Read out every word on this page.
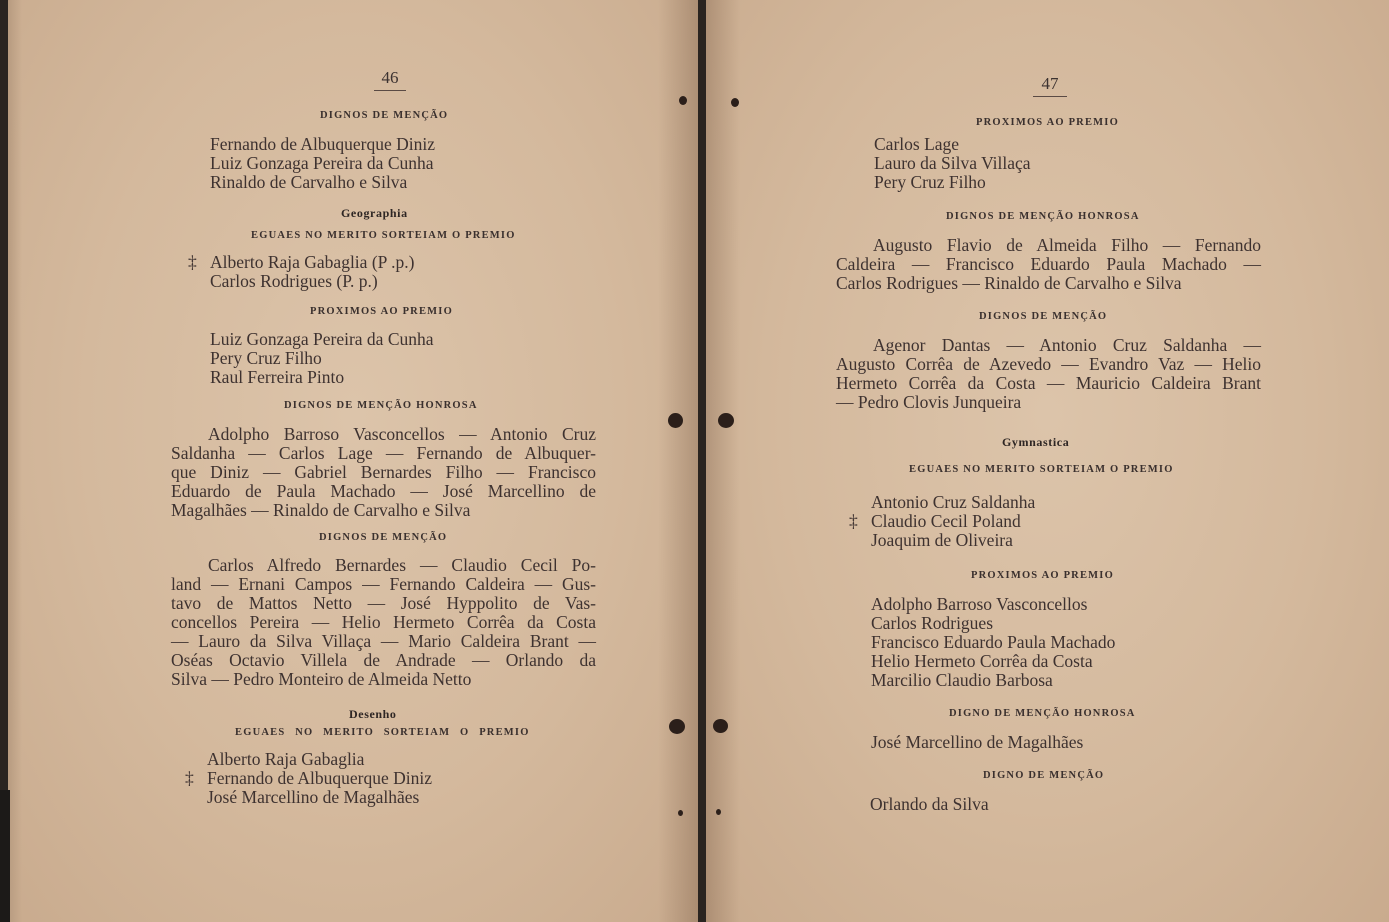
46
DIGNOS DE MENÇÃO
Fernando de Albuquerque Diniz
Luiz Gonzaga Pereira da Cunha
Rinaldo de Carvalho e Silva
Geographia
EGUAES NO MERITO SORTEIAM O PREMIO
‡ Alberto Raja Gabaglia (P .p.)
Carlos Rodrigues (P. p.)
PROXIMOS AO PREMIO
Luiz Gonzaga Pereira da Cunha
Pery Cruz Filho
Raul Ferreira Pinto
DIGNOS DE MENÇÃO HONROSA
Adolpho Barroso Vasconcellos — Antonio Cruz
Saldanha — Carlos Lage — Fernando de Albuquer-
que Diniz — Gabriel Bernardes Filho — Francisco
Eduardo de Paula Machado — José Marcellino de
Magalhães — Rinaldo de Carvalho e Silva
DIGNOS DE MENÇÃO
Carlos Alfredo Bernardes — Claudio Cecil Po-
land — Ernani Campos — Fernando Caldeira — Gus-
tavo de Mattos Netto — José Hyppolito de Vas-
concellos Pereira — Helio Hermeto Corrêa da Costa
— Lauro da Silva Villaça — Mario Caldeira Brant —
Oséas Octavio Villela de Andrade — Orlando da
Silva — Pedro Monteiro de Almeida Netto
Desenho
EGUAES NO MERITO SORTEIAM O PREMIO
Alberto Raja Gabaglia
‡ Fernando de Albuquerque Diniz
José Marcellino de Magalhães
47
PROXIMOS AO PREMIO
Carlos Lage
Lauro da Silva Villaça
Pery Cruz Filho
DIGNOS DE MENÇÃO HONROSA
Augusto Flavio de Almeida Filho — Fernando
Caldeira — Francisco Eduardo Paula Machado —
Carlos Rodrigues — Rinaldo de Carvalho e Silva
DIGNOS DE MENÇÃO
Agenor Dantas — Antonio Cruz Saldanha —
Augusto Corrêa de Azevedo — Evandro Vaz — Helio
Hermeto Corrêa da Costa — Mauricio Caldeira Brant
— Pedro Clovis Junqueira
Gymnastica
EGUAES NO MERITO SORTEIAM O PREMIO
Antonio Cruz Saldanha
‡ Claudio Cecil Poland
Joaquim de Oliveira
PROXIMOS AO PREMIO
Adolpho Barroso Vasconcellos
Carlos Rodrigues
Francisco Eduardo Paula Machado
Helio Hermeto Corrêa da Costa
Marcilio Claudio Barbosa
DIGNO DE MENÇÃO HONROSA
José Marcellino de Magalhães
DIGNO DE MENÇÃO
Orlando da Silva
